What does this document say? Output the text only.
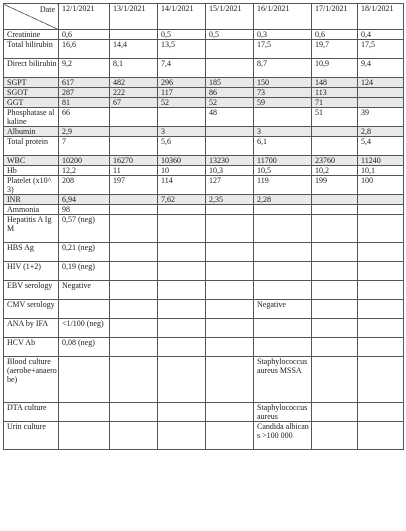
Date	12/1/2021	13/1/2021	14/1/2021	15/1/2021	16/1/2021	17/1/2021	18/1/2021
Creatinine	0,6		0,5	0,5	0,3	0,6	0,4
Total bilirubin	16,6	14,4	13,5		17,5	19,7	17,5
Direct bilirubin	9,2	8,1	7,4		8,7	10,9	9,4
SGPT	617	482	296	185	150	148	124
SGOT	287	222	117	86	73	113	
GGT	81	67	52	52	59	71	
Phosphatase alkaline	66			48		51	39
Albumin	2,9		3		3		2,8
Total protein	7		5,6		6,1		5,4
WBC	10200	16270	10360	13230	11700	23760	11240
Hb	12,2	11	10	10,3	10,5	10,2	10,1
Platelet (x10^3)	208	197	114	127	119	199	100
INR	6,94		7,62	2,35	2,28		
Ammonia	98						
Hepatitis A IgM	0,57 (neg)						
HBS Ag	0,21 (neg)						
HIV (1+2)	0,19 (neg)						
EBV serology	Negative						
CMV serology					Negative		
ANA by IFA	<1/100 (neg)						
HCV Ab	0,08 (neg)						
Blood culture (aerobe+anaerobe)					Staphylococcus aureus MSSA		
DTA culture					Staphylococcus aureus		
Urin culture					Candida albicans >100 000		
